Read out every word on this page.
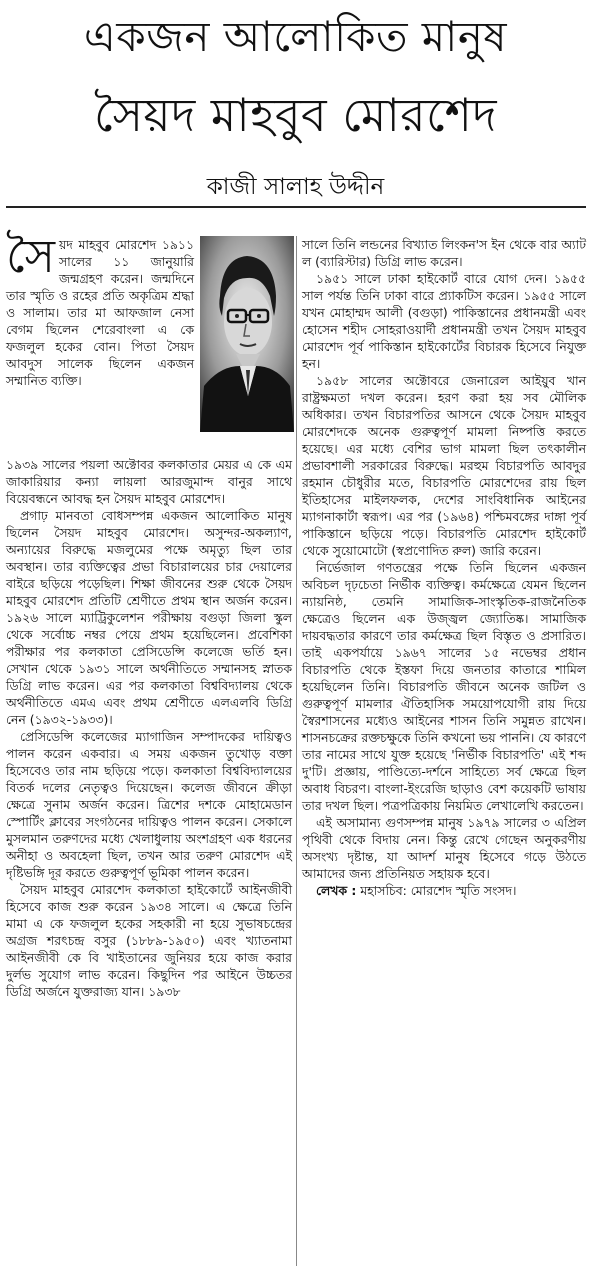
একজন আলোকিত মানুষ
সৈয়দ মাহবুব মোরশেদ
কাজী সালাহ উদ্দীন

সৈয়দ মাহবুব মোরশেদ ১৯১১ সালের ১১ জানুয়ারি জন্মগ্রহণ করেন। জন্মদিনে তার স্মৃতি ও রহের প্রতি অকৃত্রিম শ্রদ্ধা ও সালাম। তার মা আফজাল নেসা বেগম ছিলেন শেরেবাংলা এ কে ফজলুল হকের বোন। পিতা সৈয়দ আবদুস সালেক ছিলেন একজন সম্মানিত ব্যক্তি।

১৯৩৯ সালের পয়লা অক্টোবর কলকাতার মেয়র এ কে এম জাকারিয়ার কন্যা লায়লা আরজুমান্দ বানুর সাথে বিয়েবন্ধনে আবদ্ধ হন সৈয়দ মাহবুব মোরশেদ।

প্রগাঢ় মানবতা বোধসম্পন্ন একজন আলোকিত মানুষ ছিলেন সৈয়দ মাহবুব মোরশেদ। অসুন্দর-অকল্যাণ, অন্যায়ের বিরুদ্ধে মজলুমের পক্ষে অমৃত্যু ছিল তার অবস্থান। তার ব্যক্তিত্বের প্রভা বিচারালয়ের চার দেয়ালের বাইরে ছড়িয়ে পড়েছিল। শিক্ষা জীবনের শুরু থেকে সৈয়দ মাহবুব মোরশেদ প্রতিটি শ্রেণীতে প্রথম স্থান অর্জন করেন। ১৯২৬ সালে ম্যাট্রিকুলেশন পরীক্ষায় বগুড়া জিলা স্কুল থেকে সর্বোচ্চ নম্বর পেয়ে প্রথম হয়েছিলেন। প্রবেশিকা পরীক্ষার পর কলকাতা প্রেসিডেন্সি কলেজে ভর্তি হন। সেখান থেকে ১৯৩১ সালে অর্থনীতিতে সম্মানসহ স্নাতক ডিগ্রি লাভ করেন। এর পর কলকাতা বিশ্ববিদ্যালয় থেকে অর্থনীতিতে এমএ এবং প্রথম শ্রেণীতে এলএলবি ডিগ্রি নেন (১৯৩২-১৯৩৩)।

প্রেসিডেন্সি কলেজের ম্যাগাজিন সম্পাদকের দায়িত্বও পালন করেন একবার। এ সময় একজন তুখোড় বক্তা হিসেবেও তার নাম ছড়িয়ে পড়ে। কলকাতা বিশ্ববিদ্যালয়ের বিতর্ক দলের নেতৃত্বও দিয়েছেন। কলেজ জীবনে ক্রীড়া ক্ষেত্রে সুনাম অর্জন করেন। ত্রিশের দশকে মোহামেডান স্পোর্টিং ক্লাবের সংগঠনের দায়িত্বও পালন করেন। সেকালে মুসলমান তরুণদের মধ্যে খেলাধুলায় অংশগ্রহণ এক ধরনের অনীহা ও অবহেলা ছিল, তখন আর তরুণ মোরশেদ এই দৃষ্টিভঙ্গি দূর করতে গুরুত্বপূর্ণ ভূমিকা পালন করেন।

সৈয়দ মাহবুব মোরশেদ কলকাতা হাইকোর্টে আইনজীবী হিসেবে কাজ শুরু করেন ১৯৩৪ সালে। এ ক্ষেত্রে তিনি মামা এ কে ফজলুল হকের সহকারী না হয়ে সুভাষচন্দ্রের অগ্রজ শরৎচন্দ্র বসুর (১৮৮৯-১৯৫০) এবং খ্যাতনামা আইনজীবী কে বি খাইতানের জুনিয়র হয়ে কাজ করার দুর্লভ সুযোগ লাভ করেন। কিছুদিন পর আইনে উচ্চতর ডিগ্রি অর্জনে যুক্তরাজ্য যান। ১৯৩৮

সালে তিনি লন্ডনের বিখ্যাত লিংকন'স ইন থেকে বার অ্যাট ল (ব্যারিস্টার) ডিগ্রি লাভ করেন।

১৯৫১ সালে ঢাকা হাইকোর্ট বারে যোগ দেন। ১৯৫৫ সাল পর্যন্ত তিনি ঢাকা বারে প্র্যাকটিস করেন। ১৯৫৫ সালে যখন মোহাম্মদ আলী (বগুড়া) পাকিস্তানের প্রধানমন্ত্রী এবং হোসেন শহীদ সোহরাওয়ার্দী প্রধানমন্ত্রী তখন সৈয়দ মাহবুব মোরশেদ পূর্ব পাকিস্তান হাইকোর্টের বিচারক হিসেবে নিযুক্ত হন।

১৯৫৮ সালের অক্টোবরে জেনারেল আইয়ুব খান রাষ্ট্রক্ষমতা দখল করেন। হরণ করা হয় সব মৌলিক অধিকার। তখন বিচারপতির আসনে থেকে সৈয়দ মাহবুব মোরশেদকে অনেক গুরুত্বপূর্ণ মামলা নিষ্পত্তি করতে হয়েছে। এর মধ্যে বেশির ভাগ মামলা ছিল তৎকালীন প্রভাবশালী সরকারের বিরুদ্ধে। মরহুম বিচারপতি আবদুর রহমান চৌধুরীর মতে, বিচারপতি মোরশেদের রায় ছিল ইতিহাসের মাইলফলক, দেশের সাংবিধানিক আইনের ম্যাগনাকার্টা স্বরূপ। এর পর (১৯৬৪) পশ্চিমবঙ্গের দাঙ্গা পূর্ব পাকিস্তানে ছড়িয়ে পড়ে। বিচারপতি মোরশেদ হাইকোর্ট থেকে সুয়োমোটো (স্বপ্রণোদিত রুল) জারি করেন।

নির্ভেজাল গণতন্ত্রের পক্ষে তিনি ছিলেন একজন অবিচল দৃঢ়চেতা নির্ভীক ব্যক্তিত্ব। কর্মক্ষেত্রে যেমন ছিলেন ন্যায়নিষ্ঠ, তেমনি সামাজিক-সাংস্কৃতিক-রাজনৈতিক ক্ষেত্রেও ছিলেন এক উজ্জ্বল জ্যোতিষ্ক। সামাজিক দায়বদ্ধতার কারণে তার কর্মক্ষেত্র ছিল বিস্তৃত ও প্রসারিত। তাই একপর্যায়ে ১৯৬৭ সালের ১৫ নভেম্বর প্রধান বিচারপতি থেকে ইস্তফা দিয়ে জনতার কাতারে শামিল হয়েছিলেন তিনি। বিচারপতি জীবনে অনেক জটিল ও গুরুত্বপূর্ণ মামলার ঐতিহাসিক সময়োপযোগী রায় দিয়ে স্বৈরশাসনের মধ্যেও আইনের শাসন তিনি সমুন্নত রাখেন। শাসনচক্রের রক্তচক্ষুকে তিনি কখনো ভয় পাননি। যে কারণে তার নামের সাথে যুক্ত হয়েছে 'নির্ভীক বিচারপতি' এই শব্দ দু'টি। প্রজ্ঞায়, পাণ্ডিত্যে-দর্শনে সাহিত্যে সর্ব ক্ষেত্রে ছিল অবাধ বিচরণ। বাংলা-ইংরেজি ছাড়াও বেশ কয়েকটি ভাষায় তার দখল ছিল। পত্রপত্রিকায় নিয়মিত লেখালেখি করতেন।

এই অসামান্য গুণসম্পন্ন মানুষ ১৯৭৯ সালের ৩ এপ্রিল পৃথিবী থেকে বিদায় নেন। কিন্তু রেখে গেছেন অনুকরণীয় অসংখ্য দৃষ্টান্ত, যা আদর্শ মানুষ হিসেবে গড়ে উঠতে আমাদের জন্য প্রতিনিয়ত সহায়ক হবে।

লেখক : মহাসচিব: মোরশেদ স্মৃতি সংসদ।
